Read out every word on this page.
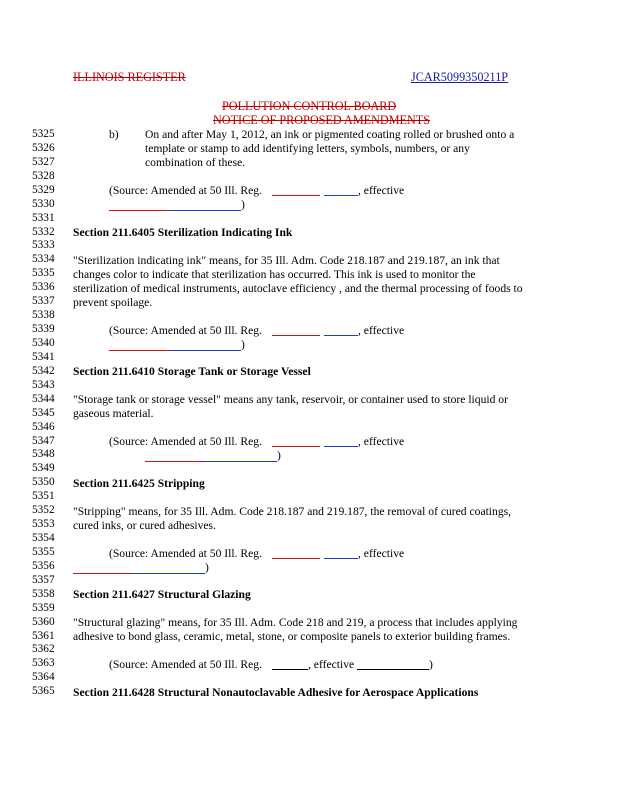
ILLINOIS REGISTER	JCAR5099350211P
POLLUTION CONTROL BOARD
NOTICE OF PROPOSED AMENDMENTS
5325
5326
5327
5328
5329
5330
5331
5332
5333
5334
5335
5336
5337
5338
5339
5340
5341
5342
5343
5344
5345
5346
5347
5348
5349
5350
5351
5352
5353
5354
5355
5356
5357
5358
5359
5360
5361
5362
5363
5364
5365
b) On and after May 1, 2012, an ink or pigmented coating rolled or brushed onto a
template or stamp to add identifying letters, symbols, numbers, or any
combination of these.
(Source: Amended at 50 Ill. Reg.	, effective
)
Section 211.6405 Sterilization Indicating Ink
"Sterilization indicating ink" means, for 35 Ill. Adm. Code 218.187 and 219.187, an ink that
changes color to indicate that sterilization has occurred. This ink is used to monitor the
sterilization of medical instruments, autoclave efficiency , and the thermal processing of foods to
prevent spoilage.
(Source: Amended at 50 Ill. Reg.	, effective
)
Section 211.6410 Storage Tank or Storage Vessel
"Storage tank or storage vessel" means any tank, reservoir, or container used to store liquid or
gaseous material.
(Source: Amended at 50 Ill. Reg.	, effective
)
Section 211.6425 Stripping
"Stripping" means, for 35 Ill. Adm. Code 218.187 and 219.187, the removal of cured coatings,
cured inks, or cured adhesives.
(Source: Amended at 50 Ill. Reg.	, effective
)
Section 211.6427 Structural Glazing
"Structural glazing" means, for 35 Ill. Adm. Code 218 and 219, a process that includes applying
adhesive to bond glass, ceramic, metal, stone, or composite panels to exterior building frames.
(Source: Amended at 50 Ill. Reg.	, effective	)
Section 211.6428 Structural Nonautoclavable Adhesive for Aerospace Applications
